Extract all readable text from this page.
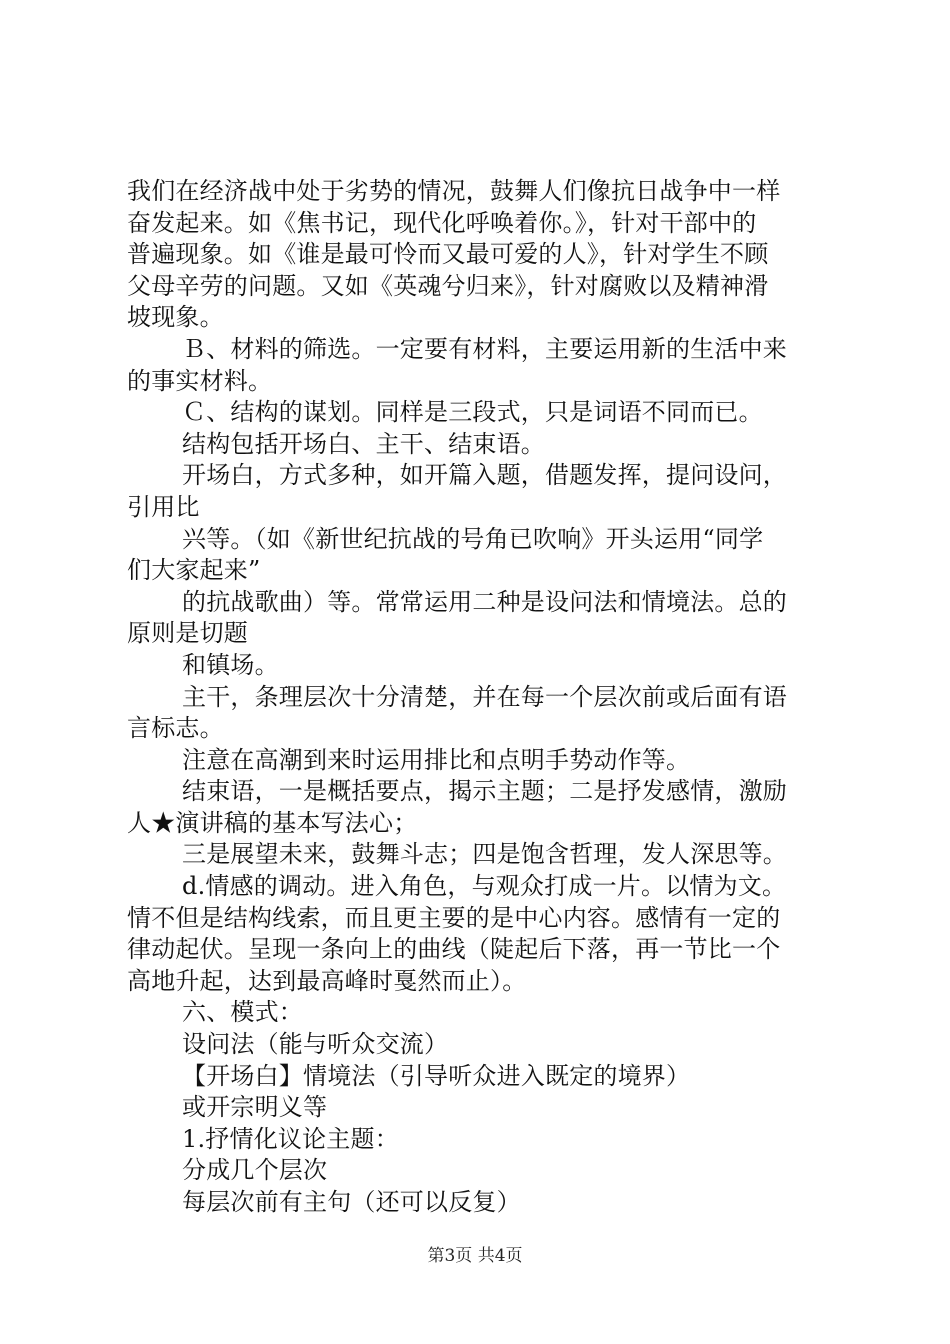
我们在经济战中处于劣势的情况，鼓舞人们像抗日战争中一样
奋发起来。如《焦书记，现代化呼唤着你。》，针对干部中的
普遍现象。如《谁是最可怜而又最可爱的人》，针对学生不顾
父母辛劳的问题。又如《英魂兮归来》，针对腐败以及精神滑
坡现象。
Ｂ、材料的筛选。一定要有材料，主要运用新的生活中来
的事实材料。
Ｃ、结构的谋划。同样是三段式，只是词语不同而已。
结构包括开场白、主干、结束语。
开场白，方式多种，如开篇入题，借题发挥，提问设问，
引用比
兴等。（如《新世纪抗战的号角已吹响》开头运用“同学
们大家起来”
的抗战歌曲）等。常常运用二种是设问法和情境法。总的
原则是切题
和镇场。
主干，条理层次十分清楚，并在每一个层次前或后面有语
言标志。
注意在高潮到来时运用排比和点明手势动作等。
结束语，一是概括要点，揭示主题；二是抒发感情，激励
人★演讲稿的基本写法心；
三是展望未来，鼓舞斗志；四是饱含哲理，发人深思等。
d.情感的调动。进入角色，与观众打成一片。以情为文。
情不但是结构线索，而且更主要的是中心内容。感情有一定的
律动起伏。呈现一条向上的曲线（陡起后下落，再一节比一个
高地升起，达到最高峰时戛然而止）。
六、模式：
设问法（能与听众交流）
【开场白】情境法（引导听众进入既定的境界）
或开宗明义等
1.抒情化议论主题：
分成几个层次
每层次前有主句（还可以反复）
第3页 共4页
